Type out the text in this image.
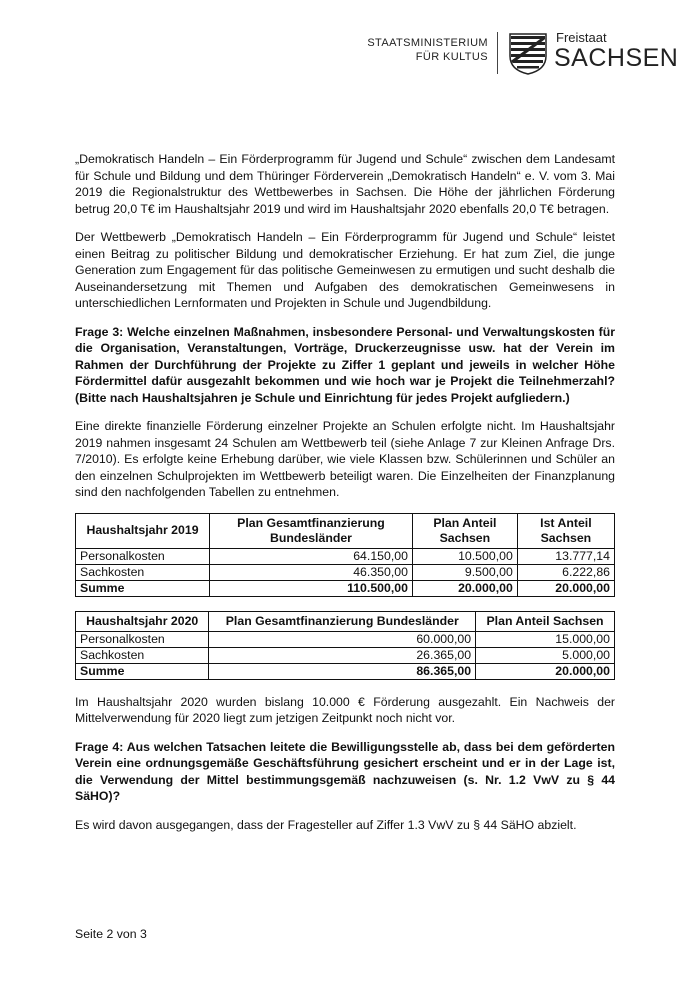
STAATSMINISTERIUM
FÜR KULTUS
Freistaat
SACHSEN

„Demokratisch Handeln – Ein Förderprogramm für Jugend und Schule“ zwischen dem Landesamt für Schule und Bildung und dem Thüringer Förderverein „Demokratisch Handeln“ e. V. vom 3. Mai 2019 die Regionalstruktur des Wettbewerbes in Sachsen. Die Höhe der jährlichen Förderung betrug 20,0 T€ im Haushaltsjahr 2019 und wird im Haushaltsjahr 2020 ebenfalls 20,0 T€ betragen.

Der Wettbewerb „Demokratisch Handeln – Ein Förderprogramm für Jugend und Schule“ leistet einen Beitrag zu politischer Bildung und demokratischer Erziehung. Er hat zum Ziel, die junge Generation zum Engagement für das politische Gemeinwesen zu ermutigen und sucht deshalb die Auseinandersetzung mit Themen und Aufgaben des demokratischen Gemeinwesens in unterschiedlichen Lernformaten und Projekten in Schule und Jugendbildung.

Frage 3: Welche einzelnen Maßnahmen, insbesondere Personal- und Verwaltungskosten für die Organisation, Veranstaltungen, Vorträge, Druckerzeugnisse usw. hat der Verein im Rahmen der Durchführung der Projekte zu Ziffer 1 geplant und jeweils in welcher Höhe Fördermittel dafür ausgezahlt bekommen und wie hoch war je Projekt die Teilnehmerzahl? (Bitte nach Haushaltsjahren je Schule und Einrichtung für jedes Projekt aufgliedern.)

Eine direkte finanzielle Förderung einzelner Projekte an Schulen erfolgte nicht. Im Haushaltsjahr 2019 nahmen insgesamt 24 Schulen am Wettbewerb teil (siehe Anlage 7 zur Kleinen Anfrage Drs. 7/2010). Es erfolgte keine Erhebung darüber, wie viele Klassen bzw. Schülerinnen und Schüler an den einzelnen Schulprojekten im Wettbewerb beteiligt waren. Die Einzelheiten der Finanzplanung sind den nachfolgenden Tabellen zu entnehmen.

Haushaltsjahr 2019	Plan Gesamtfinanzierung Bundesländer	Plan Anteil Sachsen	Ist Anteil Sachsen
Personalkosten	64.150,00	10.500,00	13.777,14
Sachkosten	46.350,00	9.500,00	6.222,86
Summe	110.500,00	20.000,00	20.000,00
Haushaltsjahr 2020	Plan Gesamtfinanzierung Bundesländer	Plan Anteil Sachsen
Personalkosten	60.000,00	15.000,00
Sachkosten	26.365,00	5.000,00
Summe	86.365,00	20.000,00

Im Haushaltsjahr 2020 wurden bislang 10.000 € Förderung ausgezahlt. Ein Nachweis der Mittelverwendung für 2020 liegt zum jetzigen Zeitpunkt noch nicht vor.

Frage 4: Aus welchen Tatsachen leitete die Bewilligungsstelle ab, dass bei dem geförderten Verein eine ordnungsgemäße Geschäftsführung gesichert erscheint und er in der Lage ist, die Verwendung der Mittel bestimmungsgemäß nachzuweisen (s. Nr. 1.2 VwV zu § 44 SäHO)?

Es wird davon ausgegangen, dass der Fragesteller auf Ziffer 1.3 VwV zu § 44 SäHO abzielt.

Seite 2 von 3
